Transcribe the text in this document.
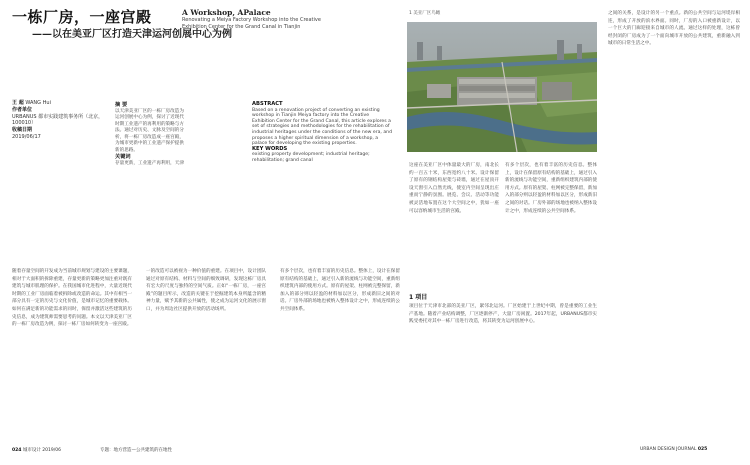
一栋厂房，一座宫殿
——以在美亚厂区打造天津运河创展中心为例
A Workshop, APalace
Renovating a Meiya Factory Workshop into the Creative Exhibition Center for the Grand Canal in Tianjin
王 超 WANG Hui
作者单位
URBANUS 都市实践建筑事务所（北京，100010）
收稿日期
2019/06/17
摘 要
以天津美亚厂区的一栋厂房改造为运河创展中心为例，探讨了近现代时期工业遗产的再利用的策略与方法。通过对历史、文脉及空间的分析，将一栋厂房改造成一座宫殿，为城市更新中的工业遗产保护提供新的思路。
关键词
存量更新，工业遗产再利用，天津
ABSTRACT
Based on a renovation project of converting an existing workshop in Tianjin Meiya factory into the Creative Exhibition Center for the Grand Canal, this article explores a set of strategies and methodologies for the rehabilitation of industrial heritages under the conditions of the new era, and proposes a higher spiritual dimension of a workshop, a palace for developing the existing properties.
KEY WORDS
existing property development; industrial heritage; rehabilitation; grand canal
随着存量空间的开发成为当前城市规划与建设的主要课题，相对于大面积的拆除重建，存量更新的策略更加注重对既有建筑与城市肌理的保护。在我国城市化进程中，大量近现代时期的工业厂房面临着被拆除或改造的命运。其中有相当一部分具有一定的历史与文化价值，是城市记忆的重要载体。如何在满足新的功能需求的同时，保留并激活这些建筑的历史信息，成为建筑师需要思考的问题。本文以天津美亚厂区的一栋厂房改造为例，探讨一栋厂房如何转变为一座宫殿。
一的改造可以被视为一种价值的重建。在项目中，设计团队通过对原有结构、材料与空间的细致调研，发现这栋厂房具有宏大的尺度与独特的空间气质。正如“一栋厂房，一座宫殿”的题目所示，改造的关键在于挖掘建筑本身所蕴含的精神力量，赋予其新的公共属性，使之成为运河文化的展示窗口，并为周边社区提供开放的活动场所。
有多个层次，也有着丰富的历史信息。整体上，设计在保留原有结构的基础上，通过引入新的流线与功能空间，重新组织建筑内部的使用方式。原有的屋架、柱网被完整保留，新加入的部分则以轻盈的材料加以区分，形成新旧之间的对话。厂房外部的场地也被纳入整体设计之中，形成连续的公共空间体系。
1 美亚厂区鸟瞰
这座在美亚厂区中体量最大的厂房，南北长约一百五十米，东西宽约八十米。设计保留了原有的钢结构屋架与砖墙，通过在屋顶开设天窗引入自然光线，使室内空间呈现出庄重而宁静的氛围。展览、会议、活动等功能被灵活地布置在这个大空间之中，犹如一座可以容纳城市生活的宫殿。
有多个层次，也有着丰富的历史信息。整体上，设计在保留原有结构的基础上，通过引入新的流线与功能空间，重新组织建筑内部的使用方式。原有的屋架、柱网被完整保留，新加入的部分则以轻盈的材料加以区分，形成新旧之间的对话。厂房外部的场地也被纳入整体设计之中，形成连续的公共空间体系。
1 项目
项目位于天津市北部的美亚厂区，紧邻北运河。厂区始建于上世纪中期，曾是重要的工业生产基地。随着产业结构调整，厂区逐渐停产，大量厂房闲置。2017年起，URBANUS都市实践受委托对其中一栋厂房进行改造，将其转变为运河创展中心。
之间的关系，是设计的另一个重点。新的公共空间与运河堤岸相连，形成了开放的滨水界面。同时，厂房的入口被重新设计，以一个巨大的门廊迎接来自城市的人流。通过这样的处理，这栋曾经封闭的厂房成为了一个面向城市开放的公共建筑，重新融入到城市的日常生活之中。
024 城市设计 2019/06	专题：地方营造—公共建筑的在地性	URBAN DESIGN JOURNAL 025
